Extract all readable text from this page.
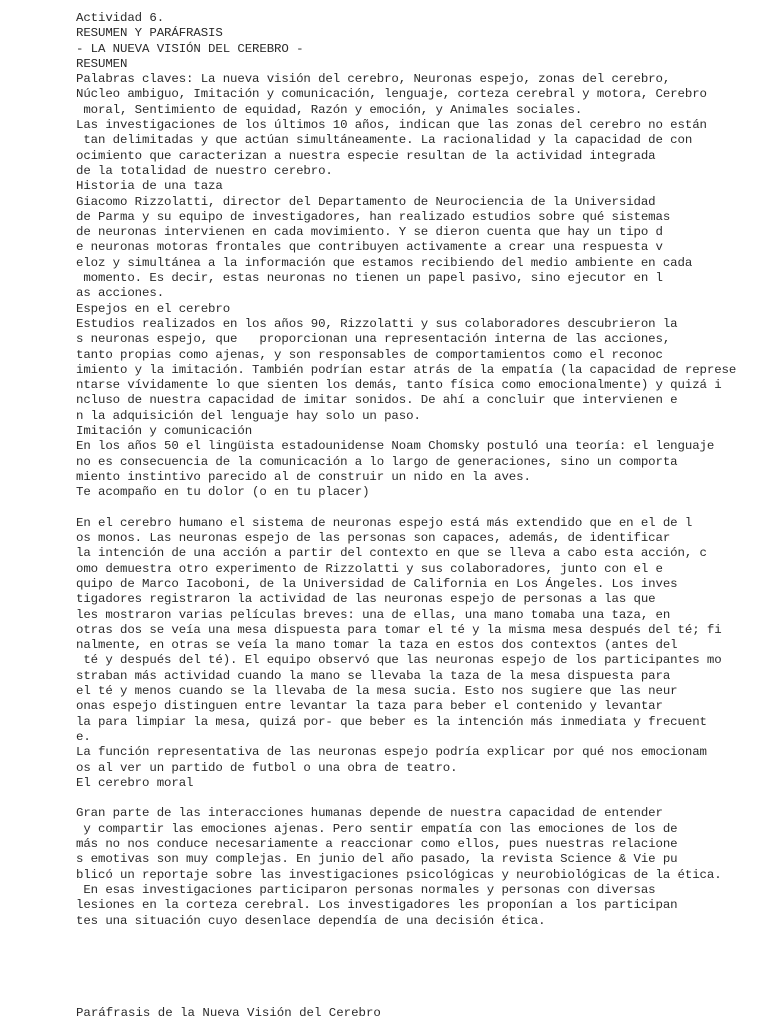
Actividad 6.
RESUMEN Y PARÁFRASIS
- LA NUEVA VISIÓN DEL CEREBRO -
RESUMEN
Palabras claves: La nueva visión del cerebro, Neuronas espejo, zonas del cerebro,
Núcleo ambiguo, Imitación y comunicación, lenguaje, corteza cerebral y motora, Cerebro
moral, Sentimiento de equidad, Razón y emoción, y Animales sociales.
Las investigaciones de los últimos 10 años, indican que las zonas del cerebro no están
tan delimitadas y que actúan simultáneamente. La racionalidad y la capacidad de con
ocimiento que caracterizan a nuestra especie resultan de la actividad integrada
de la totalidad de nuestro cerebro.
Historia de una taza
Giacomo Rizzolatti, director del Departamento de Neurociencia de la Universidad
de Parma y su equipo de investigadores, han realizado estudios sobre qué sistemas
de neuronas intervienen en cada movimiento. Y se dieron cuenta que hay un tipo d
e neuronas motoras frontales que contribuyen activamente a crear una respuesta v
eloz y simultánea a la información que estamos recibiendo del medio ambiente en cada
momento. Es decir, estas neuronas no tienen un papel pasivo, sino ejecutor en l
as acciones.
Espejos en el cerebro
Estudios realizados en los años 90, Rizzolatti y sus colaboradores descubrieron la
s neuronas espejo, que   proporcionan una representación interna de las acciones,
tanto propias como ajenas, y son responsables de comportamientos como el reconoc
imiento y la imitación. También podrían estar atrás de la empatía (la capacidad de represe
ntarse vívidamente lo que sienten los demás, tanto física como emocionalmente) y quizá i
ncluso de nuestra capacidad de imitar sonidos. De ahí a concluir que intervienen e
n la adquisición del lenguaje hay solo un paso.
Imitación y comunicación
En los años 50 el lingüista estadounidense Noam Chomsky postuló una teoría: el lenguaje
no es consecuencia de la comunicación a lo largo de generaciones, sino un comporta
miento instintivo parecido al de construir un nido en la aves.
Te acompaño en tu dolor (o en tu placer)
En el cerebro humano el sistema de neuronas espejo está más extendido que en el de l
os monos. Las neuronas espejo de las personas son capaces, además, de identificar
la intención de una acción a partir del contexto en que se lleva a cabo esta acción, c
omo demuestra otro experimento de Rizzolatti y sus colaboradores, junto con el e
quipo de Marco Iacoboni, de la Universidad de California en Los Ángeles. Los inves
tigadores registraron la actividad de las neuronas espejo de personas a las que
les mostraron varias películas breves: una de ellas, una mano tomaba una taza, en
otras dos se veía una mesa dispuesta para tomar el té y la misma mesa después del té; fi
nalmente, en otras se veía la mano tomar la taza en estos dos contextos (antes del
té y después del té). El equipo observó que las neuronas espejo de los participantes mo
straban más actividad cuando la mano se llevaba la taza de la mesa dispuesta para
el té y menos cuando se la llevaba de la mesa sucia. Esto nos sugiere que las neur
onas espejo distinguen entre levantar la taza para beber el contenido y levantar
la para limpiar la mesa, quizá por- que beber es la intención más inmediata y frecuent
e.
La función representativa de las neuronas espejo podría explicar por qué nos emocionam
os al ver un partido de futbol o una obra de teatro.
El cerebro moral
Gran parte de las interacciones humanas depende de nuestra capacidad de entender
y compartir las emociones ajenas. Pero sentir empatía con las emociones de los de
más no nos conduce necesariamente a reaccionar como ellos, pues nuestras relacione
s emotivas son muy complejas. En junio del año pasado, la revista Science & Vie pu
blicó un reportaje sobre las investigaciones psicológicas y neurobiológicas de la ética.
En esas investigaciones participaron personas normales y personas con diversas
lesiones en la corteza cerebral. Los investigadores les proponían a los participan
tes una situación cuyo desenlace dependía de una decisión ética.
Paráfrasis de la Nueva Visión del Cerebro
